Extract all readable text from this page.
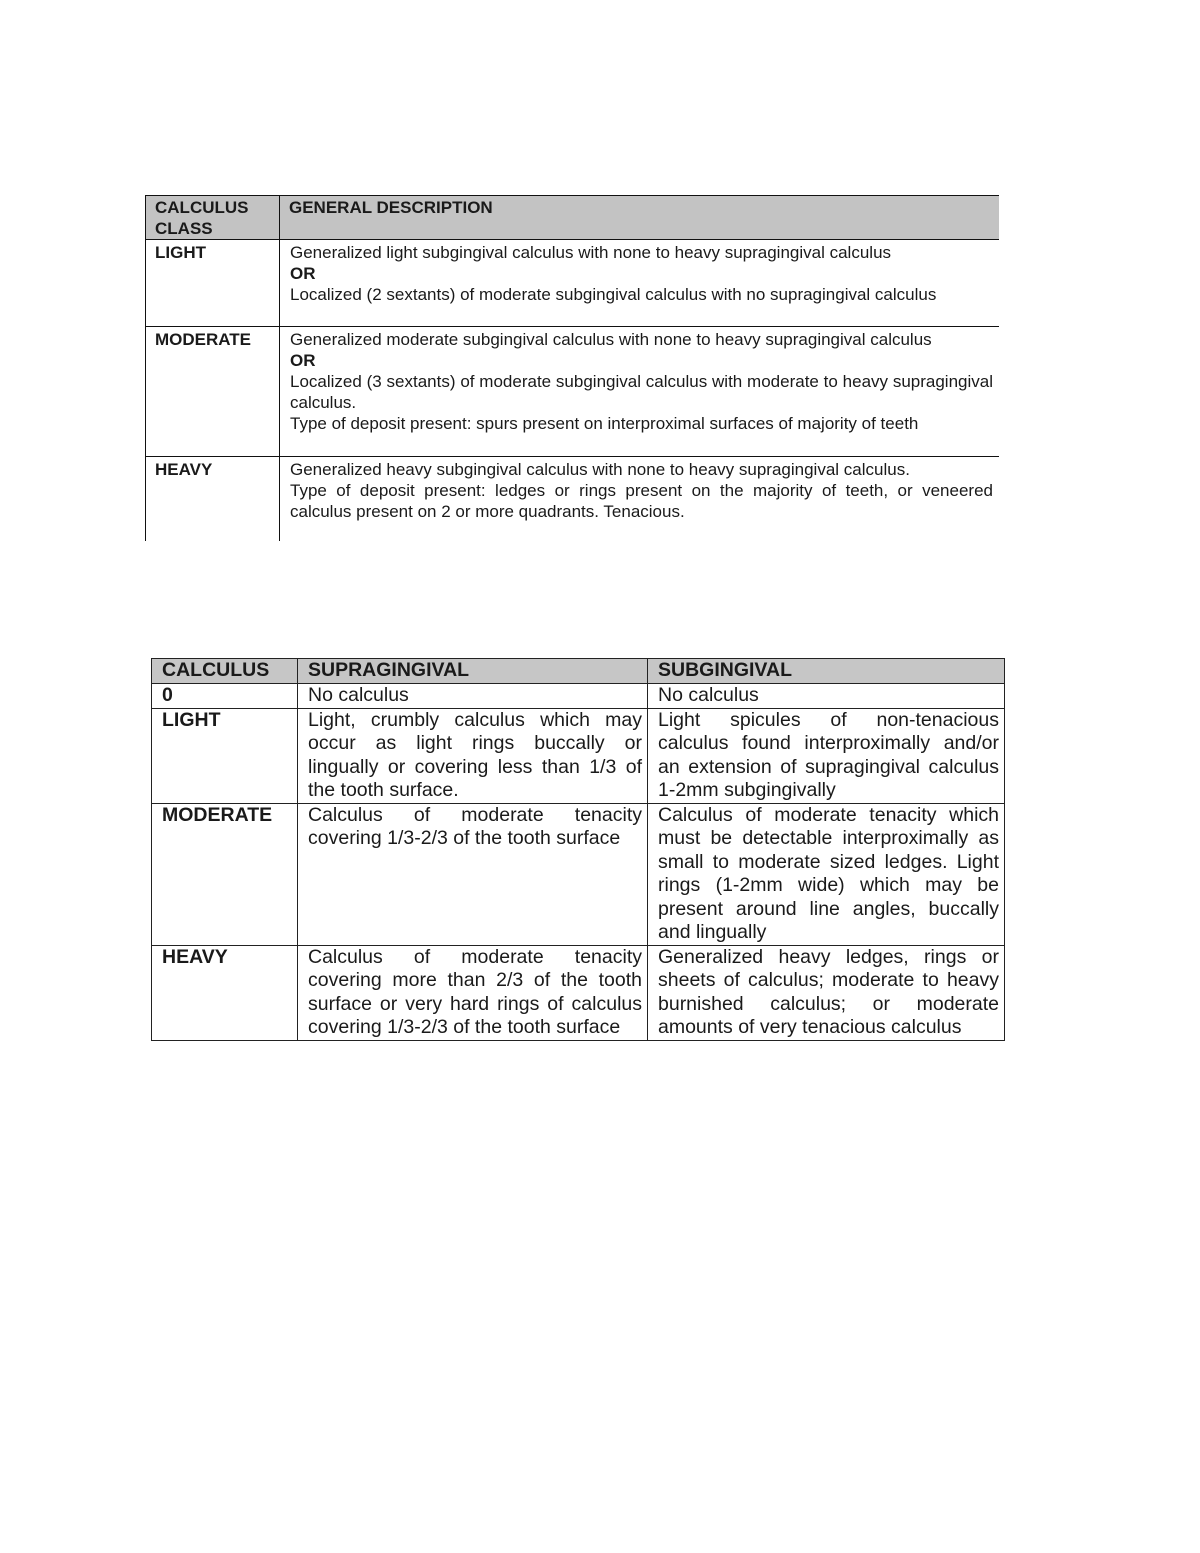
CALCULUS CLASS	GENERAL DESCRIPTION
LIGHT	Generalized light subgingival calculus with none to heavy supragingival calculus
OR
Localized (2 sextants) of moderate subgingival calculus with no supragingival calculus

MODERATE	Generalized moderate subgingival calculus with none to heavy supragingival calculus
OR
Localized (3 sextants) of moderate subgingival calculus with moderate to heavy supragingival calculus.
Type of deposit present: spurs present on interproximal surfaces of majority of teeth

HEAVY	Generalized heavy subgingival calculus with none to heavy supragingival calculus.
Type of deposit present: ledges or rings present on the majority of teeth, or veneered calculus present on 2 or more quadrants. Tenacious.
CALCULUS	SUPRAGINGIVAL	SUBGINGIVAL
0	No calculus	No calculus
LIGHT	Light, crumbly calculus which may occur as light rings buccally or lingually or covering less than 1/3 of the tooth surface.	Light spicules of non-tenacious calculus found interproximally and/or an extension of supragingival calculus 1-2mm subgingivally
MODERATE	Calculus of moderate tenacity covering 1/3-2/3 of the tooth surface	Calculus of moderate tenacity which must be detectable interproximally as small to moderate sized ledges. Light rings (1-2mm wide) which may be present around line angles, buccally and lingually
HEAVY	Calculus of moderate tenacity covering more than 2/3 of the tooth surface or very hard rings of calculus covering 1/3-2/3 of the tooth surface	Generalized heavy ledges, rings or sheets of calculus; moderate to heavy burnished calculus; or moderate amounts of very tenacious calculus
